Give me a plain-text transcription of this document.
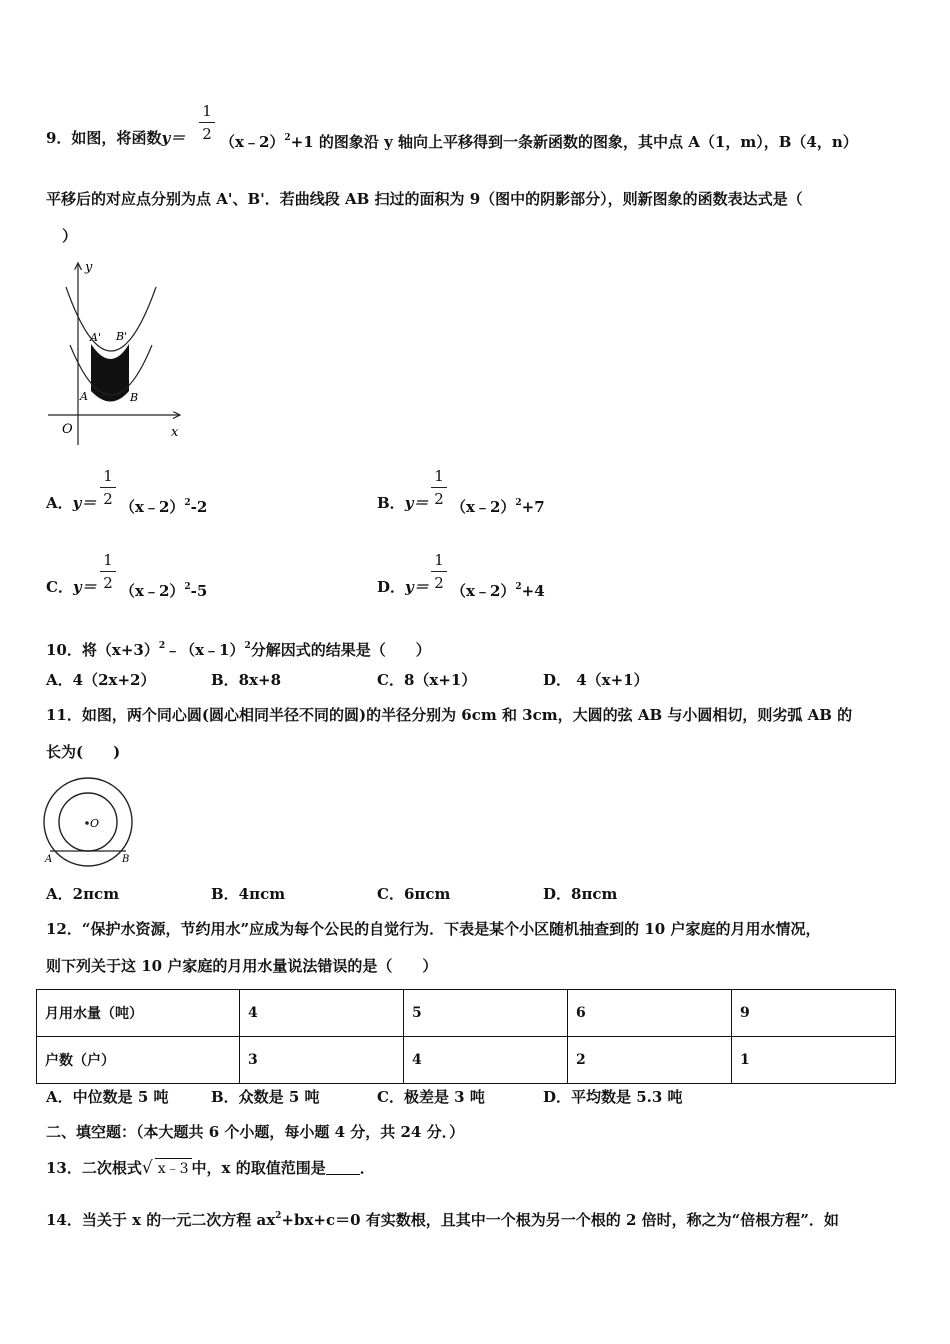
9．如图，将函数y＝
1
2 （x﹣2）$^2$+1 的图象沿 y 轴向上平移得到一条新函数的图象，其中点 A（1，m），B（4，n）
平移后的对应点分别为点 A'、B'．若曲线段 AB 扫过的面积为 9（图中的阴影部分），则新图象的函数表达式是（
）
y
x
O
A	B
A' B'
A．y＝
1
2 （x﹣2）$^2$-2	B．y＝
1
2 （x﹣2）$^2$+7
C．y＝
1
2 （x﹣2）$^2$-5	D．y＝
1
2 （x﹣2）$^2$+4
10．将$(x+3)^2﹣(x﹣1)^2$分解因式的结果是（　　）
A．4（2x+2）	B．8x+8	C．8（x+1）	D． 4（x+1）
11．如图，两个同心圆(圆心相同半径不同的圆)的半径分别为 6cm 和 3cm，大圆的弦 AB 与小圆相切，则劣弧 AB 的
长为(　　)
O
A	B
A．2πcm	B．4πcm	C．6πcm	D．8πcm
12．“保护水资源，节约用水”应成为每个公民的自觉行为．下表是某个小区随机抽查到的 10 户家庭的月用水情况，
则下列关于这 10 户家庭的月用水量说法错误的是（　　）
月用水量（吨）	4	5	6	9
户数（户）	3	4	2	1
A．中位数是 5 吨	B．众数是 5 吨	C．极差是 3 吨	D．平均数是 5.3 吨
二、填空题：（本大题共 6 个小题，每小题 4 分，共 24 分．）
13．二次根式√ x﹣3 中，x 的取值范围是 ．
14．当关于 x 的一元二次方程 $ax^2+bx+c=0$ 有实数根，且其中一个根为另一个根的 2 倍时，称之为“倍根方程”．如
